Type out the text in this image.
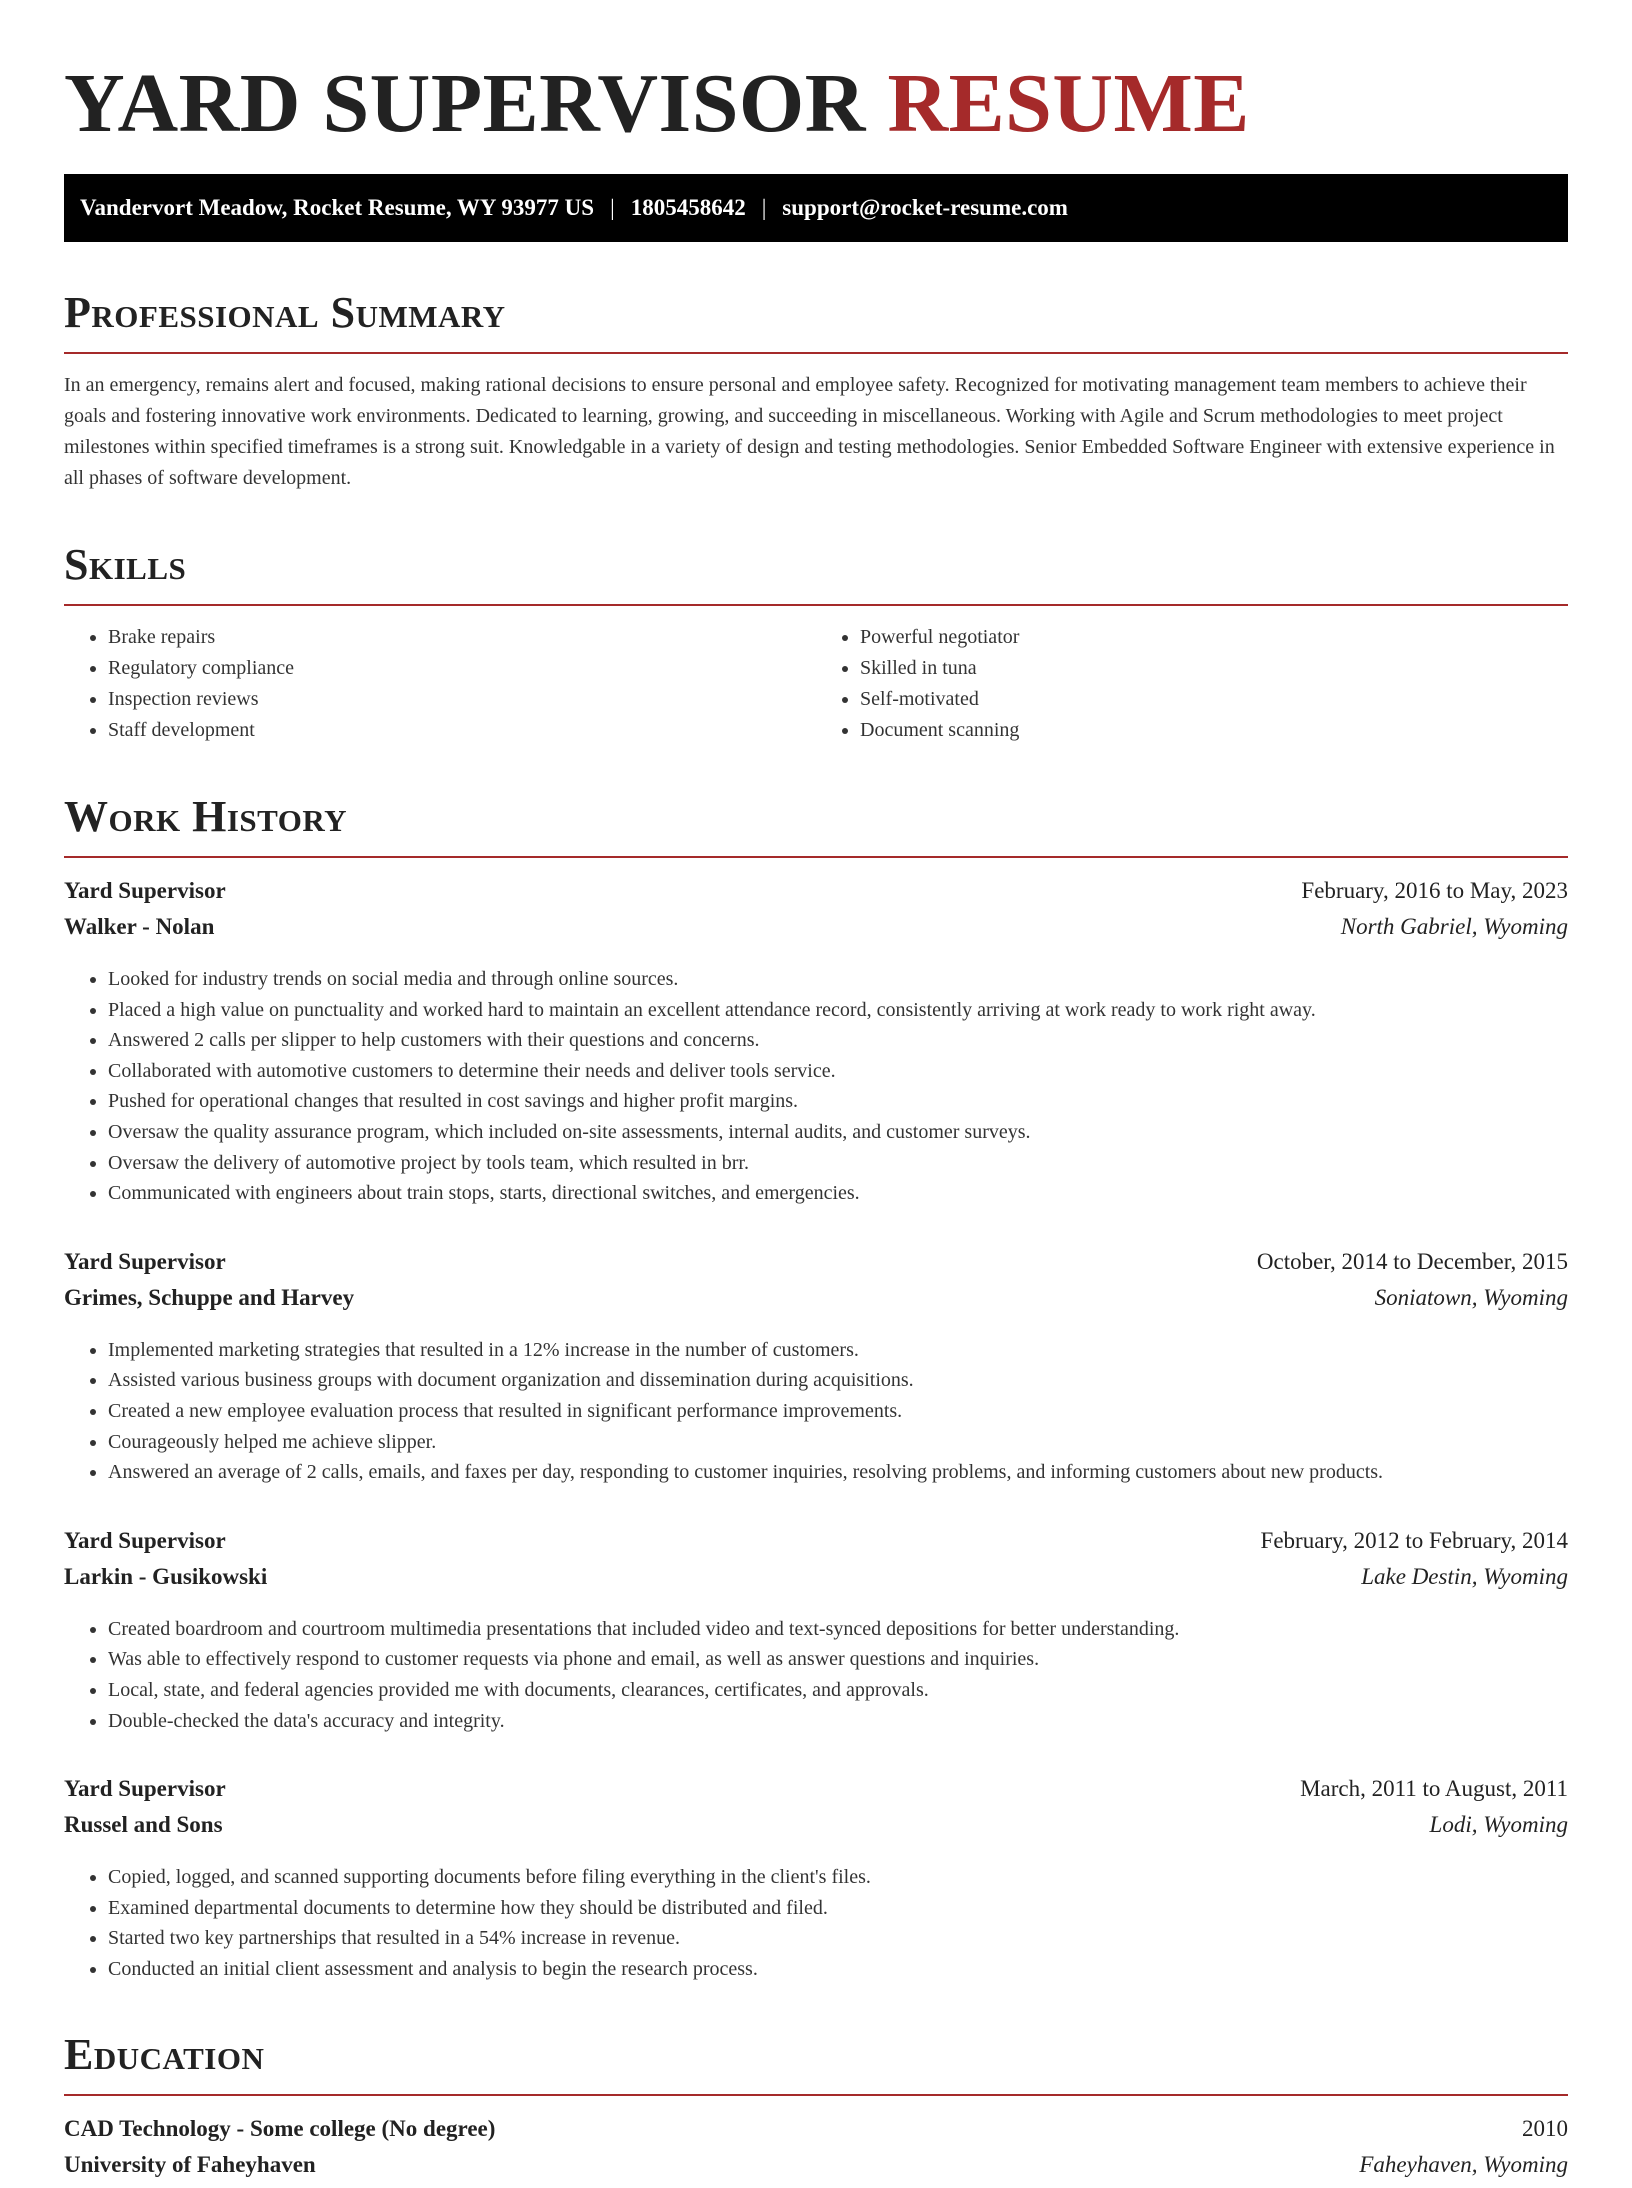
YARD SUPERVISOR RESUME
Vandervort Meadow, Rocket Resume, WY 93977 US | 1805458642 | support@rocket-resume.com
Professional Summary

In an emergency, remains alert and focused, making rational decisions to ensure personal and employee safety. Recognized for motivating management team members to achieve their goals and fostering innovative work environments. Dedicated to learning, growing, and succeeding in miscellaneous. Working with Agile and Scrum methodologies to meet project milestones within specified timeframes is a strong suit. Knowledgable in a variety of design and testing methodologies. Senior Embedded Software Engineer with extensive experience in all phases of software development.

Skills
• Brake repairs
• Regulatory compliance
• Inspection reviews
• Staff development
• Powerful negotiator
• Skilled in tuna
• Self-motivated
• Document scanning
Work History
Yard Supervisor	February, 2016 to May, 2023
Walker - Nolan	North Gabriel, Wyoming
• Looked for industry trends on social media and through online sources.
• Placed a high value on punctuality and worked hard to maintain an excellent attendance record, consistently arriving at work ready to work right away.
• Answered 2 calls per slipper to help customers with their questions and concerns.
• Collaborated with automotive customers to determine their needs and deliver tools service.
• Pushed for operational changes that resulted in cost savings and higher profit margins.
• Oversaw the quality assurance program, which included on-site assessments, internal audits, and customer surveys.
• Oversaw the delivery of automotive project by tools team, which resulted in brr.
• Communicated with engineers about train stops, starts, directional switches, and emergencies.
Yard Supervisor	October, 2014 to December, 2015
Grimes, Schuppe and Harvey	Soniatown, Wyoming
• Implemented marketing strategies that resulted in a 12% increase in the number of customers.
• Assisted various business groups with document organization and dissemination during acquisitions.
• Created a new employee evaluation process that resulted in significant performance improvements.
• Courageously helped me achieve slipper.
• Answered an average of 2 calls, emails, and faxes per day, responding to customer inquiries, resolving problems, and informing customers about new products.
Yard Supervisor	February, 2012 to February, 2014
Larkin - Gusikowski	Lake Destin, Wyoming
• Created boardroom and courtroom multimedia presentations that included video and text-synced depositions for better understanding.
• Was able to effectively respond to customer requests via phone and email, as well as answer questions and inquiries.
• Local, state, and federal agencies provided me with documents, clearances, certificates, and approvals.
• Double-checked the data's accuracy and integrity.
Yard Supervisor	March, 2011 to August, 2011
Russel and Sons	Lodi, Wyoming
• Copied, logged, and scanned supporting documents before filing everything in the client's files.
• Examined departmental documents to determine how they should be distributed and filed.
• Started two key partnerships that resulted in a 54% increase in revenue.
• Conducted an initial client assessment and analysis to begin the research process.
Education
CAD Technology - Some college (No degree)	2010
University of Faheyhaven	Faheyhaven, Wyoming
